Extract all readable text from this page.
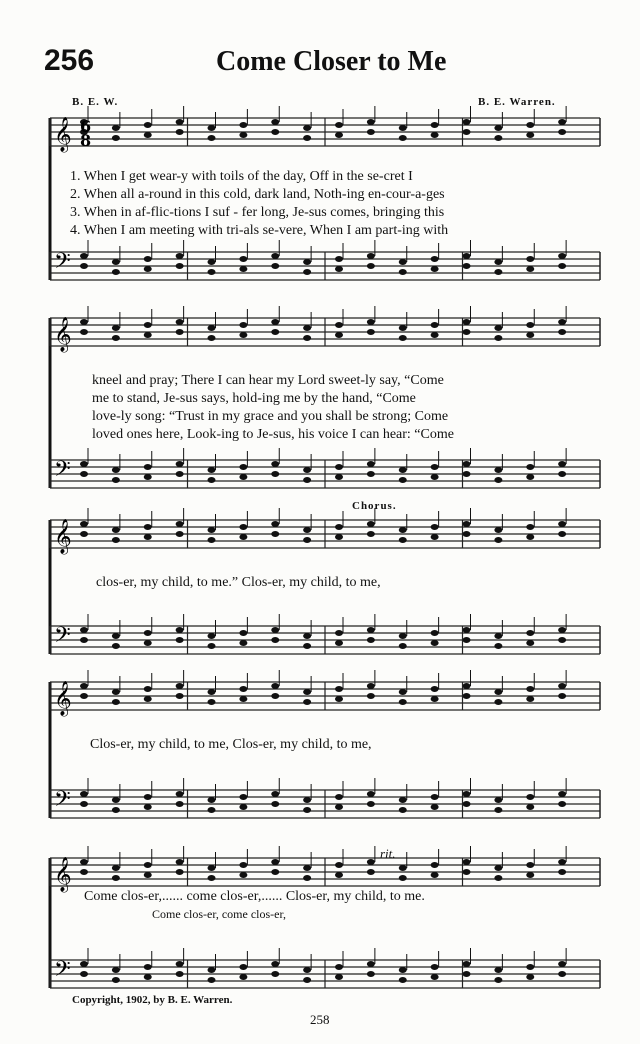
256	Come Closer to Me
B. E. W.	B. E. Warren.
𝄞
𝄢
𝄞
𝄢
𝄞
𝄢
𝄞
𝄢
𝄞
𝄢
6
8
1. When I get wear-y with toils of the day, Off in the se-cret I
2. When all a-round in this cold, dark land, Noth-ing en-cour-a-ges
3. When in af-flic-tions I suf - fer long, Je-sus comes, bringing this
4. When I am meeting with tri-als se-vere, When I am part-ing with
kneel and pray; There I can hear my Lord sweet-ly say, “Come
me to stand, Je-sus says, hold-ing me by the hand, “Come
love-ly song: “Trust in my grace and you shall be strong; Come
loved ones here, Look-ing to Je-sus, his voice I can hear: “Come
Chorus.
clos-er, my child, to me.” Clos-er, my child, to me,
Clos-er, my child, to me, Clos-er, my child, to me,
rit.
Come clos-er,...... come clos-er,...... Clos-er, my child, to me.
Come clos-er, come clos-er,
Copyright, 1902, by B. E. Warren.
258
